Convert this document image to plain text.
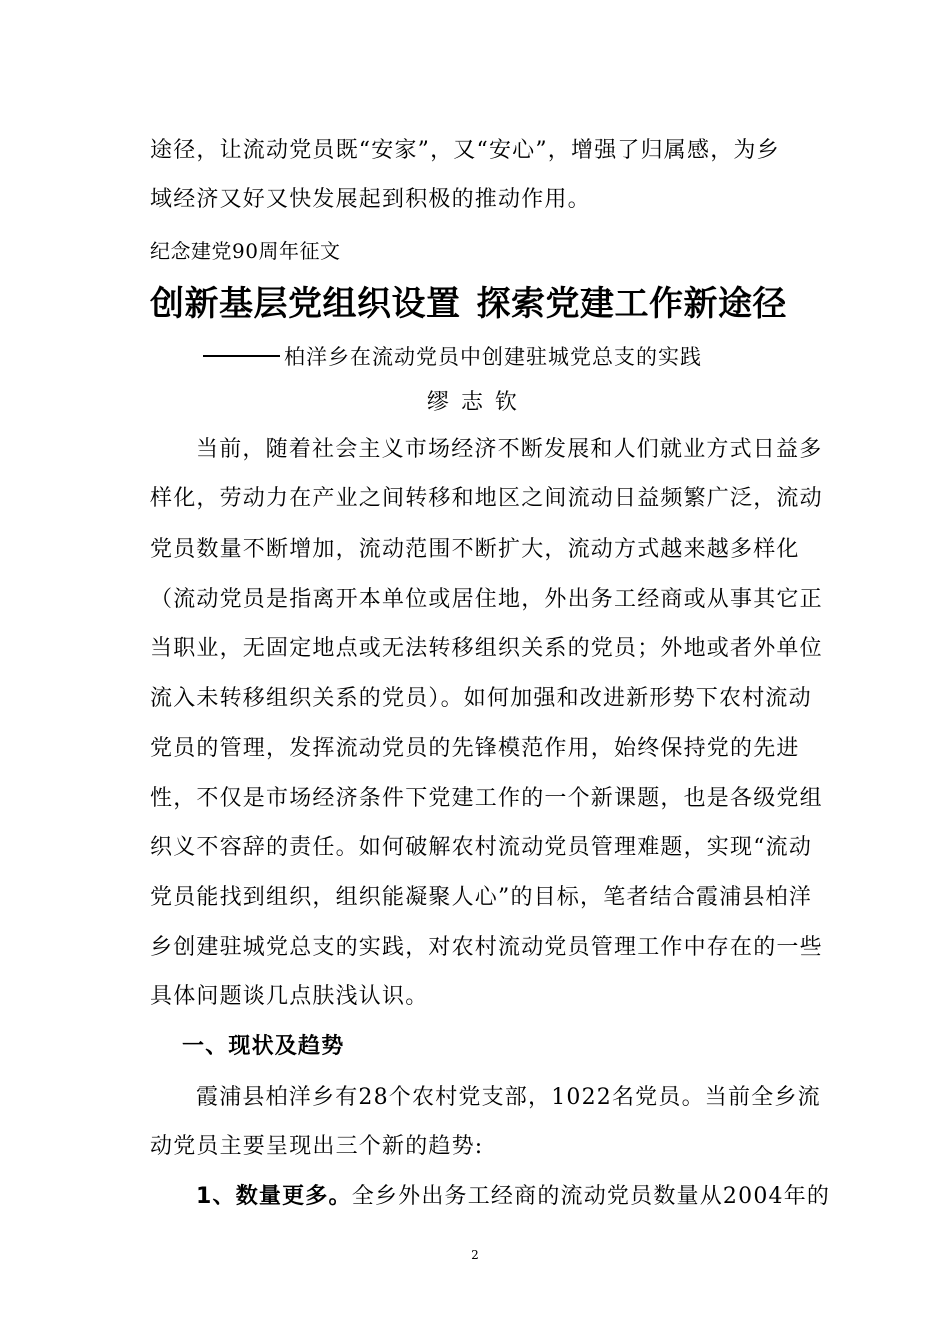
途径，让流动党员既“安家”，又“安心”，增强了归属感，为乡
域经济又好又快发展起到积极的推动作用。
纪念建党90周年征文
创新基层党组织设置 探索党建工作新途径
柏洋乡在流动党员中创建驻城党总支的实践
缪志钦
当前，随着社会主义市场经济不断发展和人们就业方式日益多
样化，劳动力在产业之间转移和地区之间流动日益频繁广泛，流动
党员数量不断增加，流动范围不断扩大，流动方式越来越多样化
（流动党员是指离开本单位或居住地，外出务工经商或从事其它正
当职业，无固定地点或无法转移组织关系的党员；外地或者外单位
流入未转移组织关系的党员）。如何加强和改进新形势下农村流动
党员的管理，发挥流动党员的先锋模范作用，始终保持党的先进
性，不仅是市场经济条件下党建工作的一个新课题，也是各级党组
织义不容辞的责任。如何破解农村流动党员管理难题，实现“流动
党员能找到组织，组织能凝聚人心”的目标，笔者结合霞浦县柏洋
乡创建驻城党总支的实践，对农村流动党员管理工作中存在的一些
具体问题谈几点肤浅认识。
一、现状及趋势
霞浦县柏洋乡有28个农村党支部，1022名党员。当前全乡流
动党员主要呈现出三个新的趋势:
1、数量更多。全乡外出务工经商的流动党员数量从2004年的
2
